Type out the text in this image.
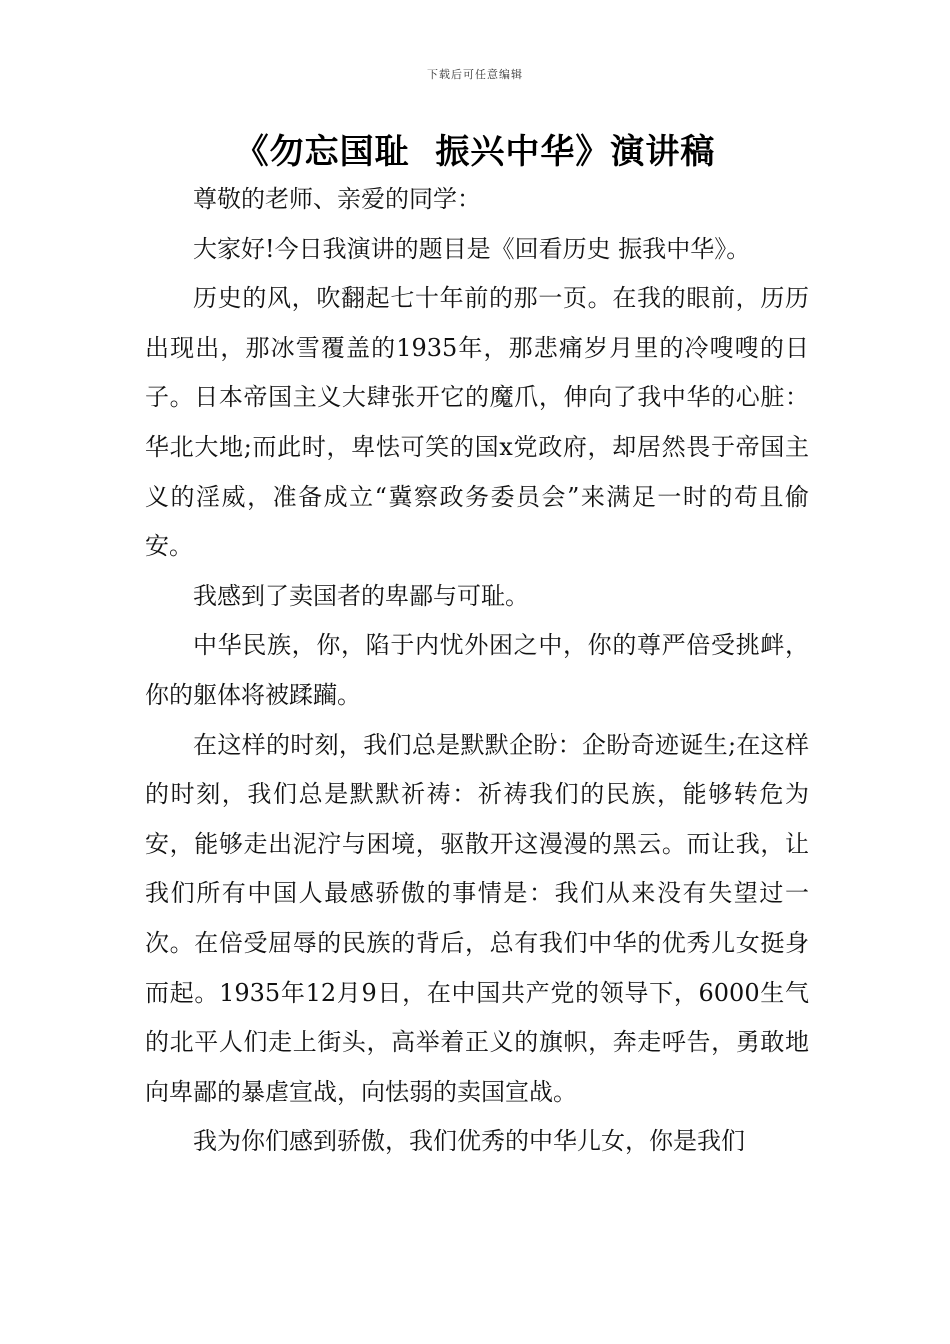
下载后可任意编辑
《勿忘国耻  振兴中华》演讲稿

尊敬的老师、亲爱的同学：

大家好!今日我演讲的题目是《回看历史 振我中华》。

历史的风，吹翻起七十年前的那一页。在我的眼前，历历出现出，那冰雪覆盖的1935年，那悲痛岁月里的冷嗖嗖的日子。日本帝国主义大肆张开它的魔爪，伸向了我中华的心脏：华北大地;而此时，卑怯可笑的国x党政府，却居然畏于帝国主义的淫威，准备成立“冀察政务委员会”来满足一时的苟且偷安。

我感到了卖国者的卑鄙与可耻。

中华民族，你，陷于内忧外困之中，你的尊严倍受挑衅，你的躯体将被蹂躏。

在这样的时刻，我们总是默默企盼：企盼奇迹诞生;在这样的时刻，我们总是默默祈祷：祈祷我们的民族，能够转危为安，能够走出泥泞与困境，驱散开这漫漫的黑云。而让我，让我们所有中国人最感骄傲的事情是：我们从来没有失望过一次。在倍受屈辱的民族的背后，总有我们中华的优秀儿女挺身而起。1935年12月9日，在中国共产党的领导下，6000生气的北平人们走上街头，高举着正义的旗帜，奔走呼告，勇敢地向卑鄙的暴虐宣战，向怯弱的卖国宣战。

我为你们感到骄傲，我们优秀的中华儿女，你是我们
